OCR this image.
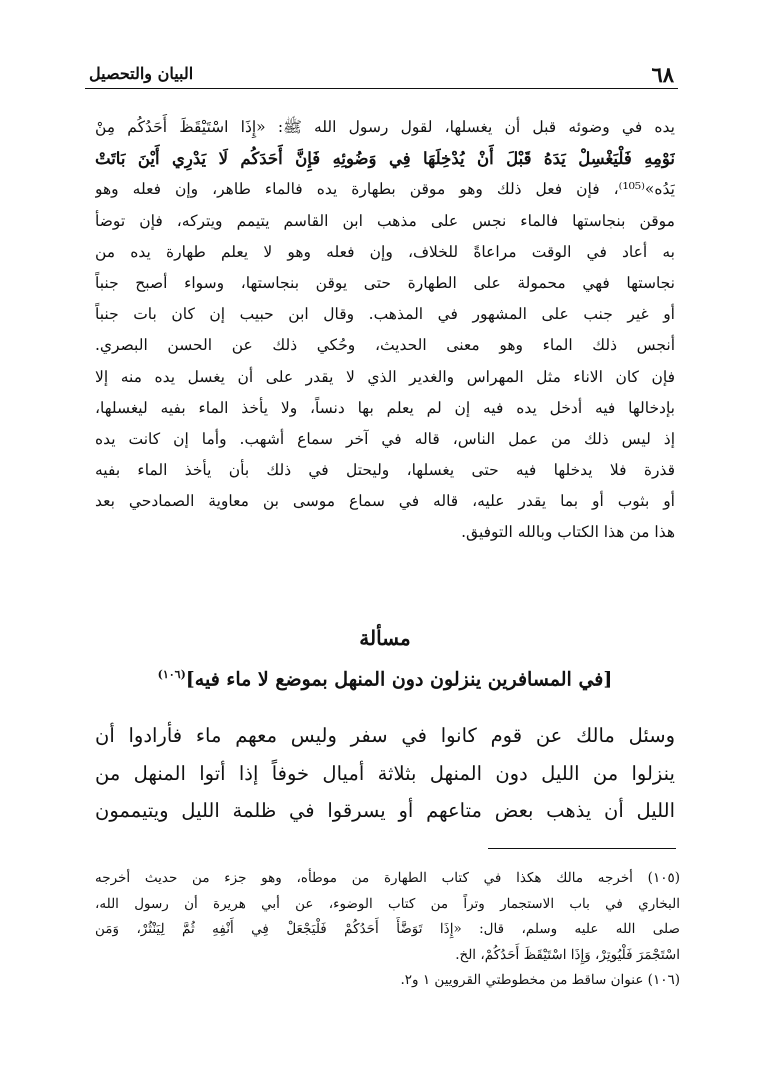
٦٨
البيان والتحصيل
يده في وضوئه قبل أن يغسلها، لقول رسول الله ﷺ: «إِذَا اسْتَيْقَظَ أَحَدُكُم مِنْ
نَوْمِهِ فَلْيَغْسِلْ يَدَهُ قَبْلَ أَنْ يُدْخِلَهَا فِي وَضُوئِهِ فَإِنَّ أَحَدَكُم لَا يَدْرِي أَيْنَ بَاتَتْ
يَدُه»⁽¹⁰⁵⁾، فإن فعل ذلك وهو موقن بطهارة يده فالماء طاهر، وإن فعله وهو
موقن بنجاستها فالماء نجس على مذهب ابن القاسم يتيمم ويتركه، فإن توضأ
به أعاد في الوقت مراعاةً للخلاف، وإن فعله وهو لا يعلم طهارة يده من
نجاستها فهي محمولة على الطهارة حتى يوقن بنجاستها، وسواء أصبح جنباً
أو غير جنب على المشهور في المذهب. وقال ابن حبيب إن كان بات جنباً
أنجس ذلك الماء وهو معنى الحديث، وحُكي ذلك عن الحسن البصري.
فإن كان الاناء مثل المهراس والغدير الذي لا يقدر على أن يغسل يده منه إلا
بإدخالها فيه أدخل يده فيه إن لم يعلم بها دنساً، ولا يأخذ الماء بفيه ليغسلها،
إذ ليس ذلك من عمل الناس، قاله في آخر سماع أشهب. وأما إن كانت يده
قذرة فلا يدخلها فيه حتى يغسلها، وليحتل في ذلك بأن يأخذ الماء بفيه
أو بثوب أو بما يقدر عليه، قاله في سماع موسى بن معاوية الصمادحي بعد
هذا من هذا الكتاب وبالله التوفيق.
مسألة
[في المسافرين ينزلون دون المنهل بموضع لا ماء فيه]$^{(١٠٦)}$
وسئل مالك عن قوم كانوا في سفر وليس معهم ماء فأرادوا أن
ينزلوا من الليل دون المنهل بثلاثة أميال خوفاً إذا أتوا المنهل من
الليل أن يذهب بعض متاعهم أو يسرقوا في ظلمة الليل ويتيممون
(١٠٥) أخرجه مالك هكذا في كتاب الطهارة من موطأه، وهو جزء من حديث أخرجه
البخاري في باب الاستجمار وتراً من كتاب الوضوء، عن أبي هريرة أن رسول الله،
صلى الله عليه وسلم، قال: «إِذَا تَوَضَّأَ أَحَدُكُمْ فَلْيَجْعَلْ فِي أَنْفِهِ ثُمَّ لِيَنْثُرْ، وَمَن
اسْتَجْمَرَ فَلْيُوتِرْ، وَإِذَا اسْتَيْقَظَ أَحَدُكُمْ، الخ.
(١٠٦) عنوان ساقط من مخطوطتي القرويين ١ و٢.
